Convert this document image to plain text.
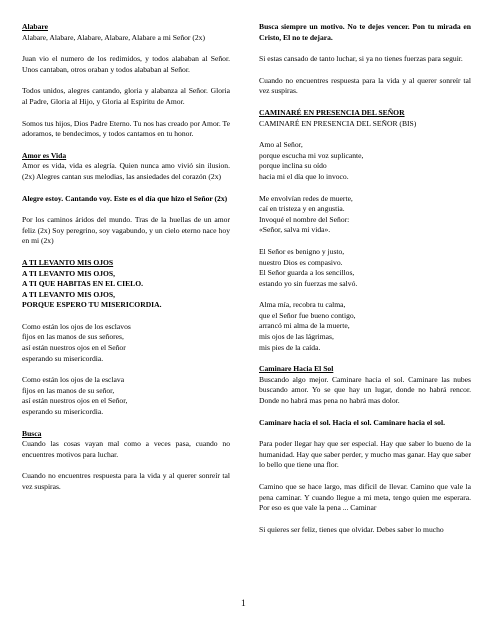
Alabare
Alabare, Alabare, Alabare, Alabare, Alabare a mi Señor (2x)
Juan vio el numero de los redimidos, y todos alababan al Señor. Unos cantaban, otros oraban y todos alababan al Señor.
Todos unidos, alegres cantando, gloria y alabanza al Señor. Gloria al Padre, Gloria al Hijo, y Gloria al Espíritu de Amor.
Somos tus hijos, Dios Padre Eterno. Tu nos has creado por Amor. Te adoramos, te bendecimos, y todos cantamos en tu honor.
Amor es Vida
Amor es vida, vida es alegría. Quien nunca amo vivió sin ilusion. (2x) Alegres cantan sus melodias, las ansiedades del corazón (2x)
Alegre estoy. Cantando voy. Este es el día que hizo el Señor (2x)
Por los caminos áridos del mundo. Tras de la huellas de un amor feliz (2x) Soy peregrino, soy vagabundo, y un cielo eterno nace hoy en mi (2x)
A TI LEVANTO MIS OJOS
A TI LEVANTO MIS OJOS,
A TI QUE HABITAS EN EL CIELO.
A TI LEVANTO MIS OJOS,
PORQUE ESPERO TU MISERICORDIA.
Como están los ojos de los esclavos
fijos en las manos de sus señores,
así están nuestros ojos en el Señor
esperando su misericordia.
Como están los ojos de la esclava
fijos en las manos de su señor,
así están nuestros ojos en el Señor,
esperando su misericordia.
Busca
Cuando las cosas vayan mal como a veces pasa, cuando no encuentres motivos para luchar.
Cuando no encuentres respuesta para la vida y al querer sonreír tal vez suspiras.
Busca siempre un motivo. No te dejes vencer. Pon tu mirada en Cristo, El no te dejara.
Si estas cansado de tanto luchar, si ya no tienes fuerzas para seguir.
Cuando no encuentres respuesta para la vida y al querer sonreír tal vez suspiras.
CAMINARÉ EN PRESENCIA DEL SEÑOR
CAMINARÉ EN PRESENCIA DEL SEÑOR (BIS)
Amo al Señor,
porque escucha mi voz suplicante,
porque inclina su oído
hacia mi el día que lo invoco.
Me envolvían redes de muerte,
caí en tristeza y en angustia.
Invoqué el nombre del Señor:
«Señor, salva mi vida».
El Señor es benigno y justo,
nuestro Dios es compasivo.
El Señor guarda a los sencillos,
estando yo sin fuerzas me salvó.
Alma mía, recobra tu calma,
que el Señor fue bueno contigo,
arrancó mi alma de la muerte,
mis ojos de las lágrimas,
mis pies de la caída.
Caminare Hacia El Sol
Buscando algo mejor. Caminare hacia el sol. Caminare las nubes buscando amor. Yo se que hay un lugar, donde no habrá rencor. Donde no habrá mas pena no habrá mas dolor.
Caminare hacia el sol. Hacia el sol. Caminare hacia el sol.
Para poder llegar hay que ser especial. Hay que saber lo bueno de la humanidad. Hay que saber perder, y mucho mas ganar. Hay que saber lo bello que tiene una flor.
Camino que se hace largo, mas difícil de llevar. Camino que vale la pena caminar. Y cuando llegue a mi meta, tengo quien me esperara. Por eso es que vale la pena ... Caminar
Si quieres ser feliz, tienes que olvidar. Debes saber lo mucho
1
